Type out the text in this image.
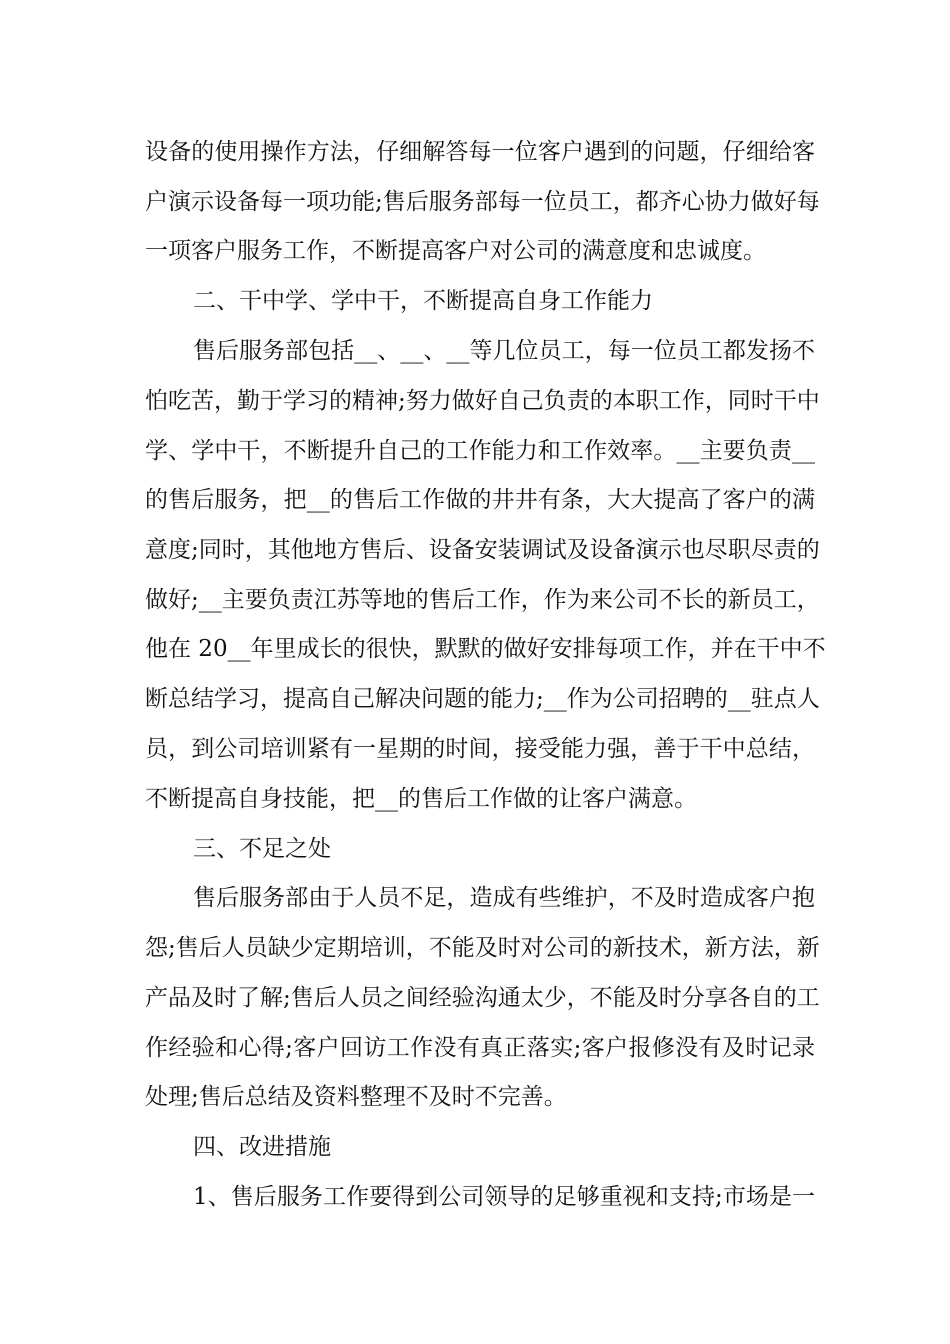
设备的使用操作方法，仔细解答每一位客户遇到的问题，仔细给客
户演示设备每一项功能;售后服务部每一位员工，都齐心协力做好每
一项客户服务工作，不断提高客户对公司的满意度和忠诚度。
二、干中学、学中干，不断提高自身工作能力
售后服务部包括__、__、__等几位员工，每一位员工都发扬不
怕吃苦，勤于学习的精神;努力做好自己负责的本职工作，同时干中
学、学中干，不断提升自己的工作能力和工作效率。__主要负责__
的售后服务，把__的售后工作做的井井有条，大大提高了客户的满
意度;同时，其他地方售后、设备安装调试及设备演示也尽职尽责的
做好;__主要负责江苏等地的售后工作，作为来公司不长的新员工，
他在 20__年里成长的很快，默默的做好安排每项工作，并在干中不
断总结学习，提高自己解决问题的能力;__作为公司招聘的__驻点人
员，到公司培训紧有一星期的时间，接受能力强，善于干中总结，
不断提高自身技能，把__的售后工作做的让客户满意。
三、不足之处
售后服务部由于人员不足，造成有些维护，不及时造成客户抱
怨;售后人员缺少定期培训，不能及时对公司的新技术，新方法，新
产品及时了解;售后人员之间经验沟通太少，不能及时分享各自的工
作经验和心得;客户回访工作没有真正落实;客户报修没有及时记录
处理;售后总结及资料整理不及时不完善。
四、改进措施
1、售后服务工作要得到公司领导的足够重视和支持;市场是一
